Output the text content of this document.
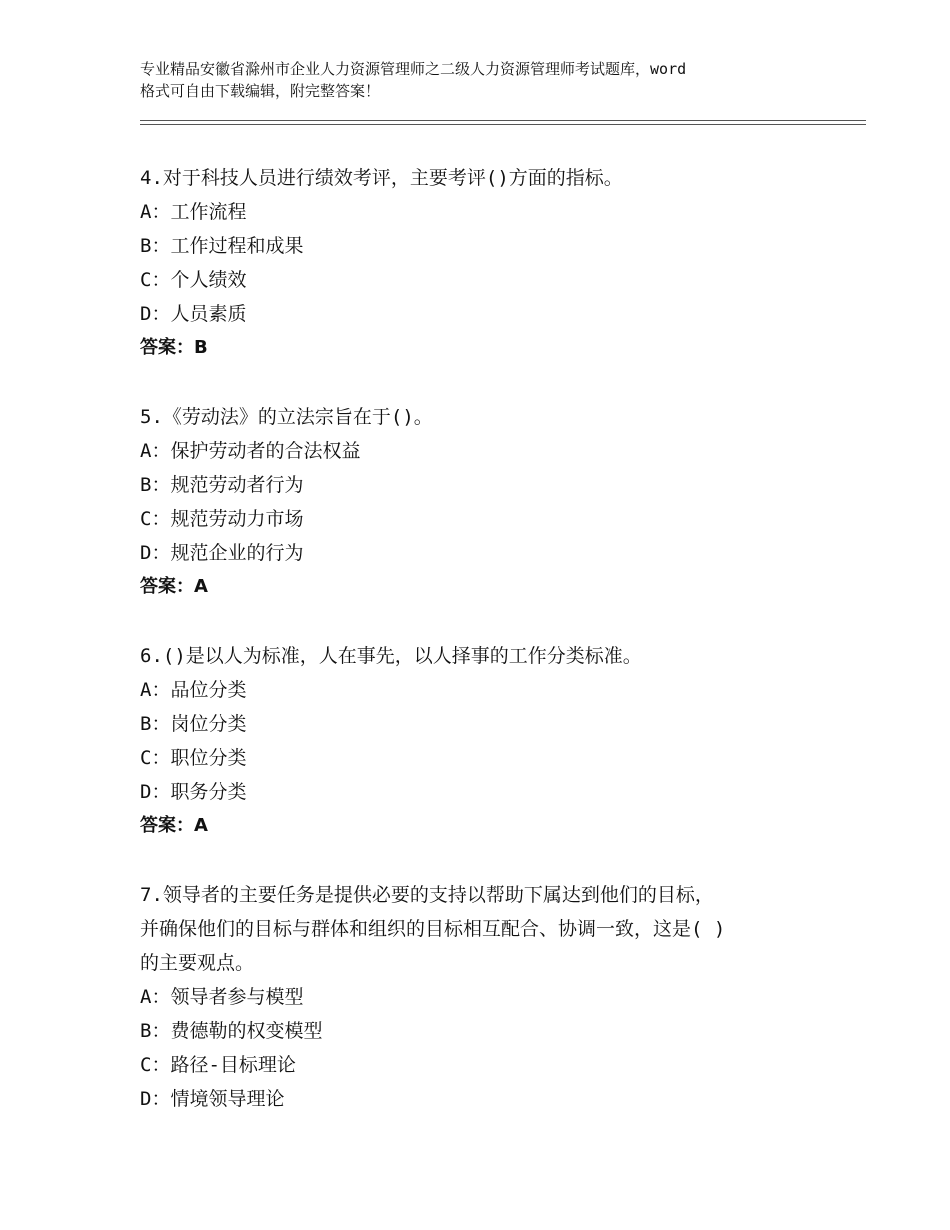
专业精品安徽省滁州市企业人力资源管理师之二级人力资源管理师考试题库，word
格式可自由下载编辑，附完整答案！
4.对于科技人员进行绩效考评，主要考评()方面的指标。
A：工作流程
B：工作过程和成果
C：个人绩效
D：人员素质
答案：B
5.《劳动法》的立法宗旨在于()。
A：保护劳动者的合法权益
B：规范劳动者行为
C：规范劳动力市场
D：规范企业的行为
答案：A
6.()是以人为标准，人在事先，以人择事的工作分类标准。
A：品位分类
B：岗位分类
C：职位分类
D：职务分类
答案：A
7.领导者的主要任务是提供必要的支持以帮助下属达到他们的目标，
并确保他们的目标与群体和组织的目标相互配合、协调一致，这是( )
的主要观点。
A：领导者参与模型
B：费德勒的权变模型
C：路径-目标理论
D：情境领导理论
